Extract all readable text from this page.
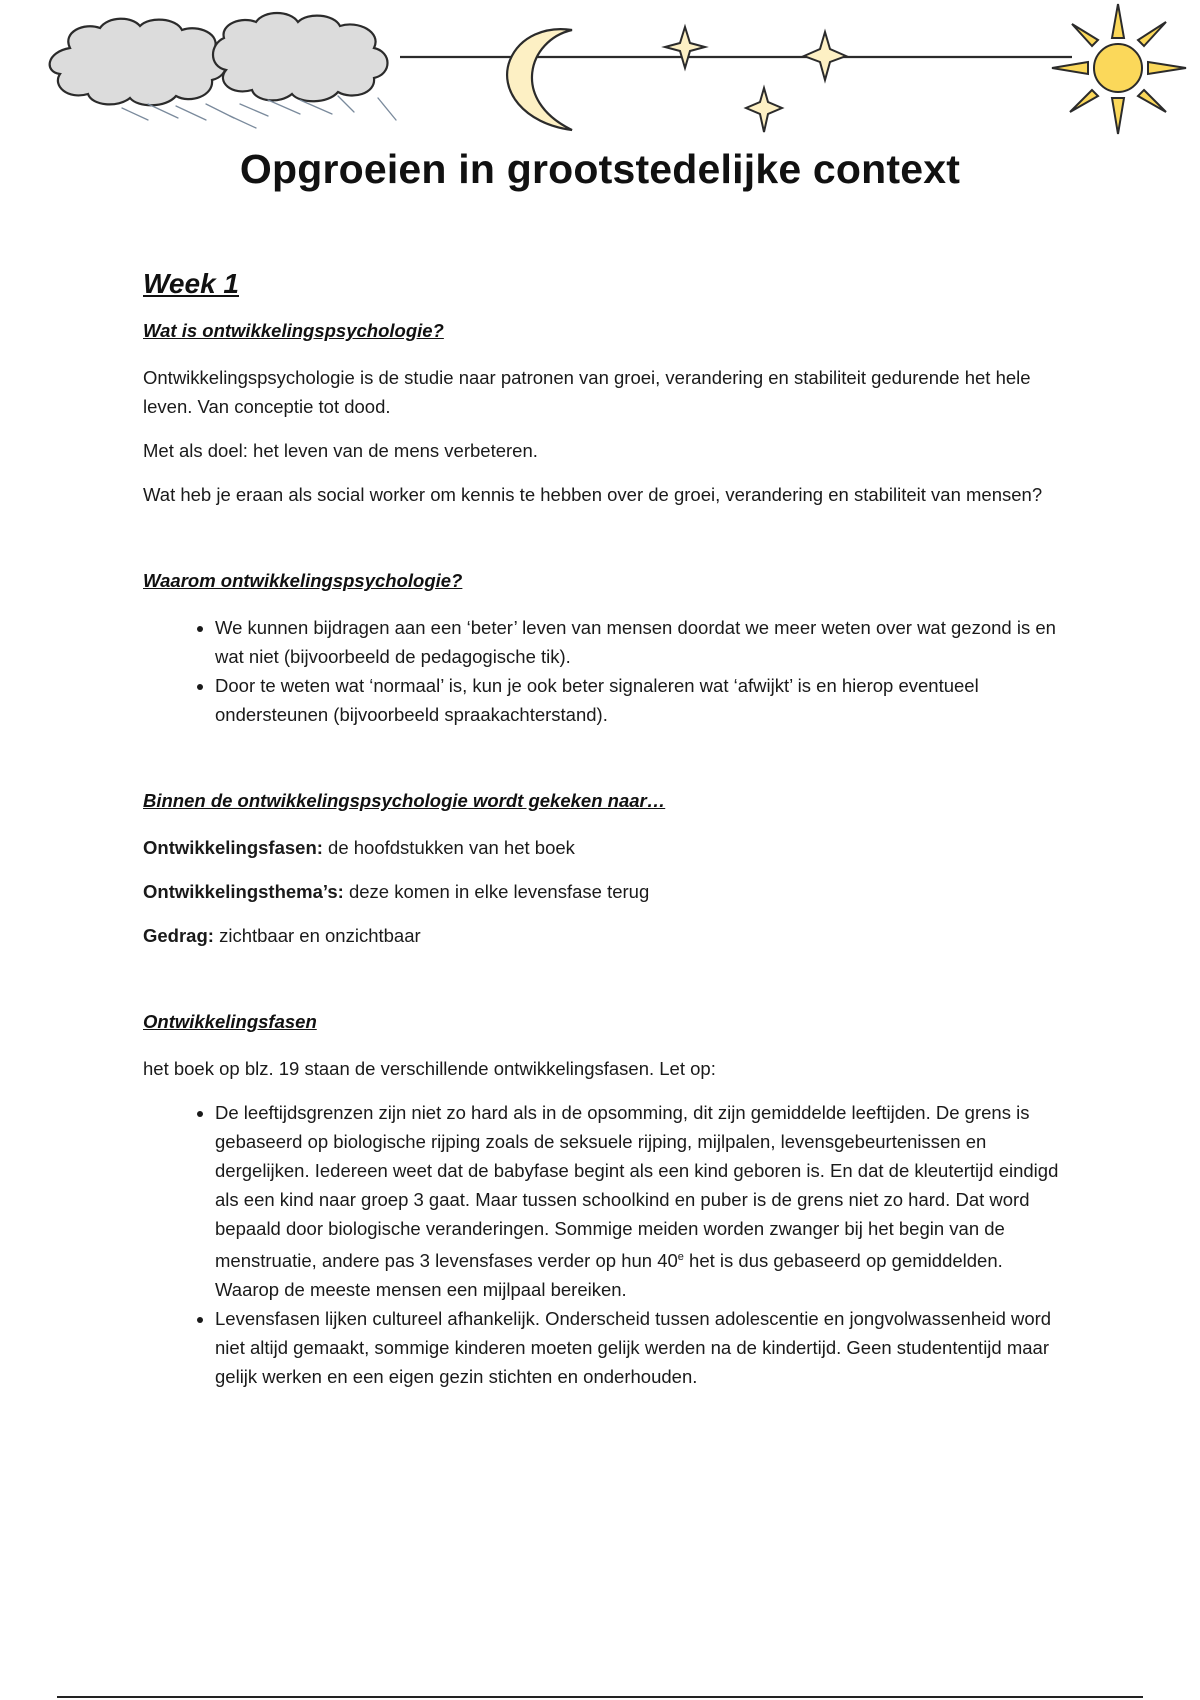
Opgroeien in grootstedelijke context
Week 1
Wat is ontwikkelingspsychologie?

Ontwikkelingspsychologie is de studie naar patronen van groei, verandering en stabiliteit gedurende het hele leven. Van conceptie tot dood.

Met als doel: het leven van de mens verbeteren.

Wat heb je eraan als social worker om kennis te hebben over de groei, verandering en stabiliteit van mensen?

Waarom ontwikkelingspsychologie?
• We kunnen bijdragen aan een ‘beter’ leven van mensen doordat we meer weten over wat gezond is en wat niet (bijvoorbeeld de pedagogische tik).
• Door te weten wat ‘normaal’ is, kun je ook beter signaleren wat ‘afwijkt’ is en hierop eventueel ondersteunen (bijvoorbeeld spraakachterstand).
Binnen de ontwikkelingspsychologie wordt gekeken naar…

Ontwikkelingsfasen: de hoofdstukken van het boek

Ontwikkelingsthema’s: deze komen in elke levensfase terug

Gedrag: zichtbaar en onzichtbaar

Ontwikkelingsfasen

het boek op blz. 19 staan de verschillende ontwikkelingsfasen. Let op:

• De leeftijdsgrenzen zijn niet zo hard als in de opsomming, dit zijn gemiddelde leeftijden. De grens is gebaseerd op biologische rijping zoals de seksuele rijping, mijlpalen, levensgebeurtenissen en dergelijken. Iedereen weet dat de babyfase begint als een kind geboren is. En dat de kleutertijd eindigd als een kind naar groep 3 gaat. Maar tussen schoolkind en puber is de grens niet zo hard. Dat word bepaald door biologische veranderingen. Sommige meiden worden zwanger bij het begin van de menstruatie, andere pas 3 levensfases verder op hun 40e het is dus gebaseerd op gemiddelden. Waarop de meeste mensen een mijlpaal bereiken.
• Levensfasen lijken cultureel afhankelijk. Onderscheid tussen adolescentie en jongvolwassenheid word niet altijd gemaakt, sommige kinderen moeten gelijk werden na de kindertijd. Geen studententijd maar gelijk werken en een eigen gezin stichten en onderhouden.
